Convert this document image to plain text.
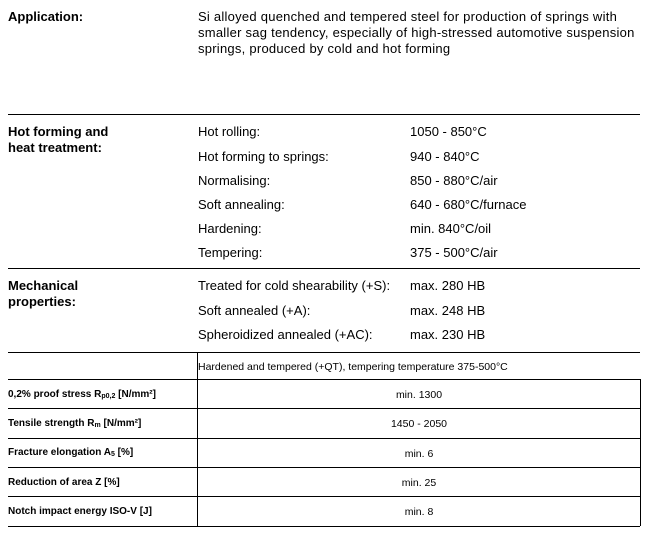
Application:	Si alloyed quenched and tempered steel for production of springs with smaller sag tendency, especially of high-stressed automotive suspension springs, produced by cold and hot forming
Hot forming and
heat treatment:
Hot rolling:	1050 - 850°C
Hot forming to springs:	940 - 840°C
Normalising:	850 - 880°C/air
Soft annealing:	640 - 680°C/furnace
Hardening:	min. 840°C/oil
Tempering:	375 - 500°C/air
Mechanical
properties:
Treated for cold shearability (+S): max. 280 HB
Soft annealed (+A):	max. 248 HB
Spheroidized annealed (+AC):	max. 230 HB
Hardened and tempered (+QT), tempering temperature 375-500°C
0,2% proof stress $R_{p0,2}$ [N/mm²]	min. 1300
Tensile strength $R_m$ [N/mm²]	1450 - 2050
Fracture elongation $A_5$ [%]	min. 6
Reduction of area Z [%]	min. 25
Notch impact energy ISO-V [J]	min. 8
